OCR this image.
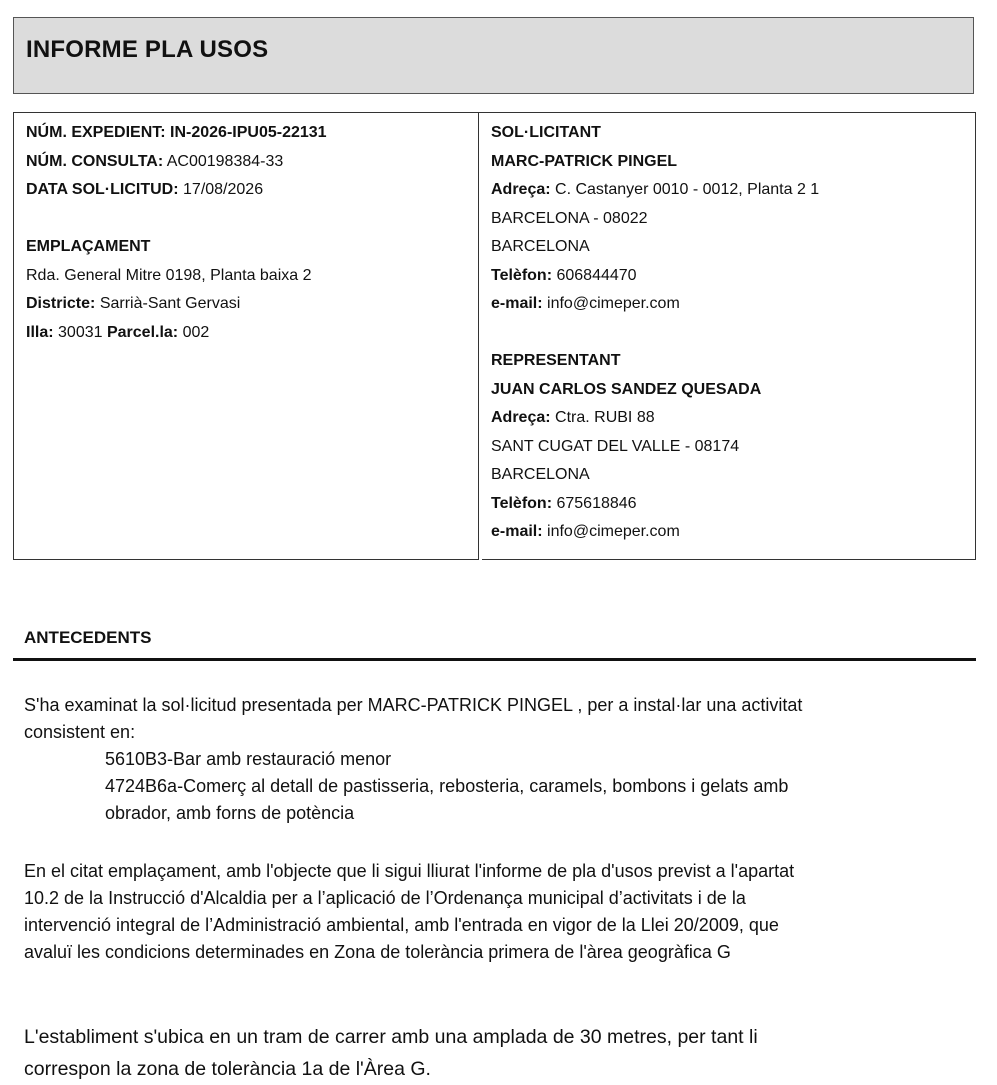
INFORME PLA USOS
NÚM. EXPEDIENT: IN-2026-IPU05-22131
NÚM. CONSULTA: AC00198384-33
DATA SOL·LICITUD: 17/08/2026
EMPLAÇAMENT
Rda. General Mitre 0198, Planta baixa 2
Districte: Sarrià-Sant Gervasi
Illa: 30031 Parcel.la: 002
SOL·LICITANT
MARC-PATRICK PINGEL
Adreça: C. Castanyer 0010 - 0012, Planta 2 1
BARCELONA - 08022
BARCELONA
Telèfon: 606844470
e-mail: info@cimeper.com
REPRESENTANT
JUAN CARLOS SANDEZ QUESADA
Adreça: Ctra. RUBI 88
SANT CUGAT DEL VALLE - 08174
BARCELONA
Telèfon: 675618846
e-mail: info@cimeper.com
ANTECEDENTS
S'ha examinat la sol·licitud presentada per MARC-PATRICK PINGEL , per a instal·lar una activitat
consistent en:
5610B3-Bar amb restauració menor
4724B6a-Comerç al detall de pastisseria, rebosteria, caramels, bombons i gelats amb
obrador, amb forns de potència
En el citat emplaçament, amb l'objecte que li sigui lliurat l'informe de pla d'usos previst a l'apartat
10.2 de la Instrucció d'Alcaldia per a l’aplicació de l’Ordenança municipal d’activitats i de la
intervenció integral de l’Administració ambiental, amb l'entrada en vigor de la Llei 20/2009, que
avaluï les condicions determinades en Zona de tolerància primera de l'àrea geogràfica G
L'establiment s'ubica en un tram de carrer amb una amplada de 30 metres, per tant li
correspon la zona de tolerància 1a de l'Àrea G.
